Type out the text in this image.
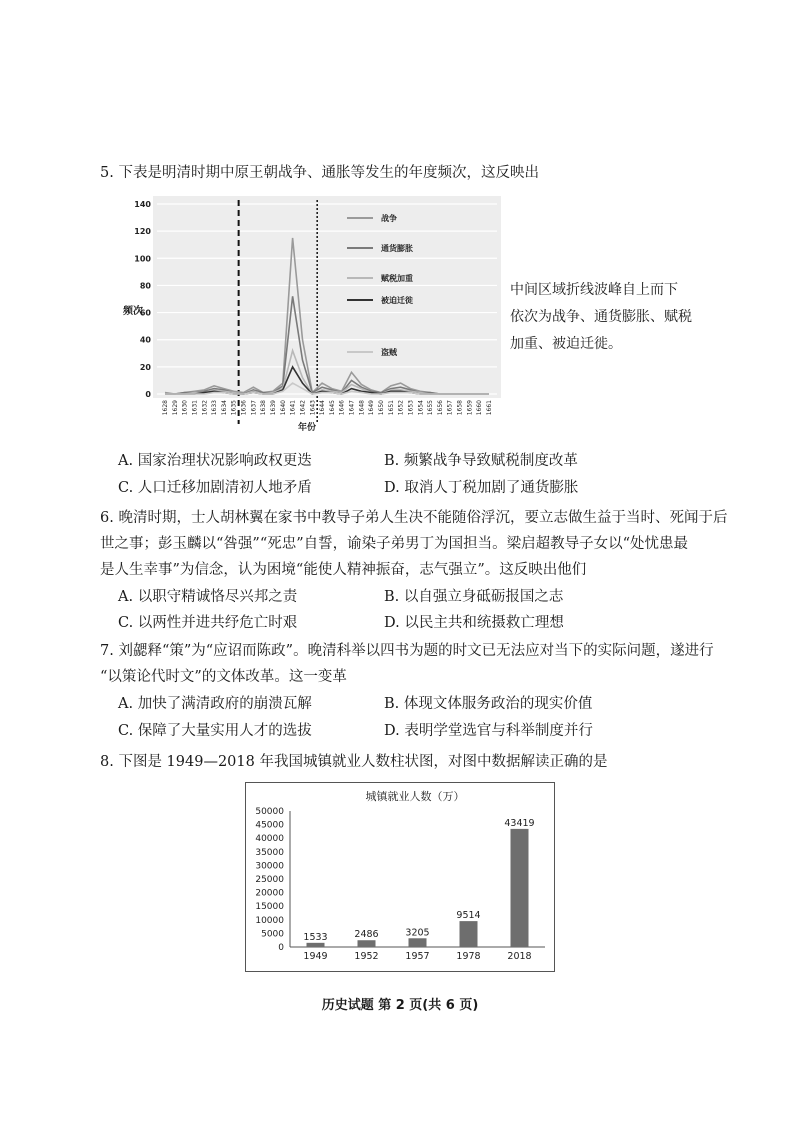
5. 下表是明清时期中原王朝战争、通胀等发生的年度频次，这反映出
0
20
40
60
80
100
120
140
频次
年份
1628 1629 1630 1631 1632 1633 1634 1635 1636 1637 1638 1639 1640 1641 1642 1643 1644 1645 1646 1647 1648 1649 1650 1651 1652 1653 1654 1655 1656 1657 1658 1659 1660 1661
战争
通货膨胀
赋税加重
被迫迁徙
盗贼
中间区域折线波峰自上而下
依次为战争、通货膨胀、赋税
加重、被迫迁徙。
A. 国家治理状况影响政权更迭	B. 频繁战争导致赋税制度改革
C. 人口迁移加剧清初人地矛盾	D. 取消人丁税加剧了通货膨胀
6. 晚清时期，士人胡林翼在家书中教导子弟人生决不能随俗浮沉，要立志做生益于当时、死闻于后
世之事；彭玉麟以“咎强”“死忠”自誓，谕染子弟男丁为国担当。梁启超教导子女以“处忧患最
是人生幸事”为信念，认为困境“能使人精神振奋，志气强立”。这反映出他们
A. 以职守精诚恪尽兴邦之责	B. 以自强立身砥砺报国之志
C. 以两性并进共纾危亡时艰	D. 以民主共和统摄救亡理想
7. 刘勰释“策”为“应诏而陈政”。晚清科举以四书为题的时文已无法应对当下的实际问题，遂进行
“以策论代时文”的文体改革。这一变革
A. 加快了满清政府的崩溃瓦解	B. 体现文体服务政治的现实价值
C. 保障了大量实用人才的选拔	D. 表明学堂选官与科举制度并行
8. 下图是 1949—2018 年我国城镇就业人数柱状图，对图中数据解读正确的是
城镇就业人数（万）
0
5000
10000
15000
20000
25000
30000
35000
40000
45000
50000
1533
1949
2486
1952
3205
1957
9514
1978
43419
2018
历史试题 第 2 页(共 6 页)
